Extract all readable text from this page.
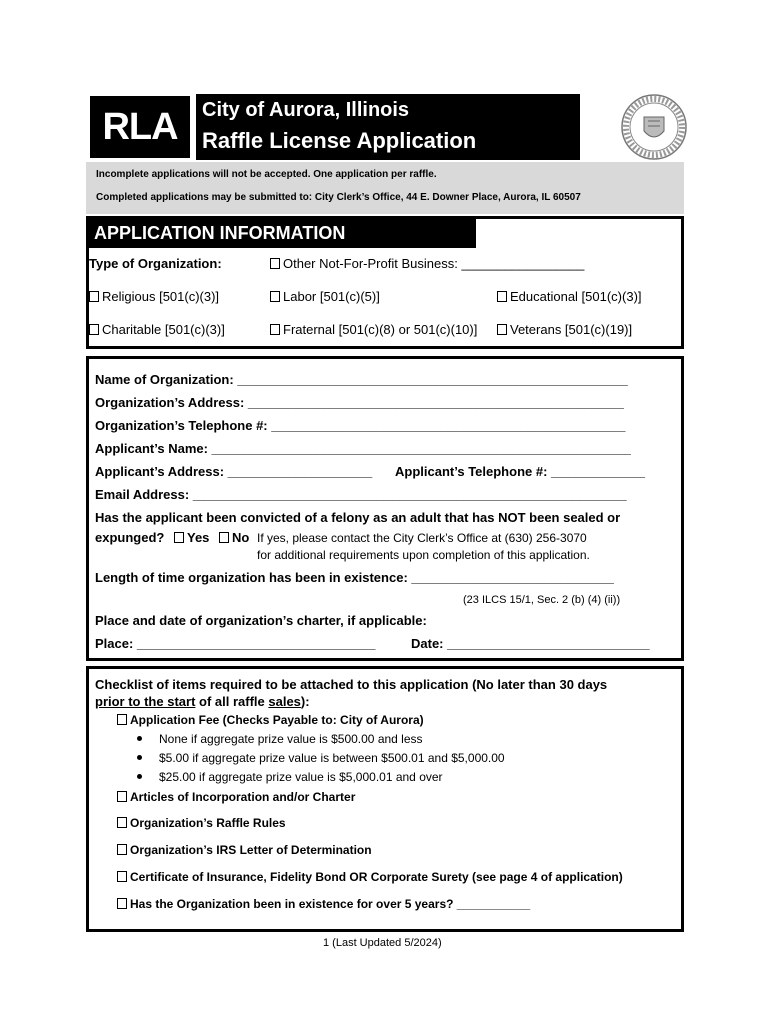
RLA	City of Aurora, Illinois
Raffle License Application
Incomplete applications will not be accepted. One application per raffle.
Completed applications may be submitted to: City Clerk’s Office, 44 E. Downer Place, Aurora, IL 60507
APPLICATION INFORMATION
Type of Organization:	Other Not-For-Profit Business: _________________
Religious [501(c)(3)]	Labor [501(c)(5)]	Educational [501(c)(3)]
Charitable [501(c)(3)]	Fraternal [501(c)(8) or 501(c)(10)]	Veterans [501(c)(19)]
Name of Organization: ______________________________________________________
Organization’s Address: ____________________________________________________
Organization’s Telephone #: _________________________________________________
Applicant’s Name: __________________________________________________________
Applicant’s Address: ____________________ Applicant’s Telephone #: _____________
Email Address: ____________________________________________________________
Has the applicant been convicted of a felony as an adult that has NOT been sealed or
expunged?	Yes	No If yes, please contact the City Clerk’s Office at (630) 256-3070
for additional requirements upon completion of this application.
Length of time organization has been in existence: ____________________________
(23 ILCS 15/1, Sec. 2 (b) (4) (ii))
Place and date of organization’s charter, if applicable:
Place: _________________________________	Date: ____________________________
Checklist of items required to be attached to this application (No later than 30 days
prior to the start of all raffle sales):
Application Fee (Checks Payable to: City of Aurora)
None if aggregate prize value is $500.00 and less
$5.00 if aggregate prize value is between $500.01 and $5,000.00
$25.00 if aggregate prize value is $5,000.01 and over
Articles of Incorporation and/or Charter
Organization’s Raffle Rules
Organization’s IRS Letter of Determination
Certificate of Insurance, Fidelity Bond OR Corporate Surety (see page 4 of application)
Has the Organization been in existence for over 5 years? ___________
1 (Last Updated 5/2024)
